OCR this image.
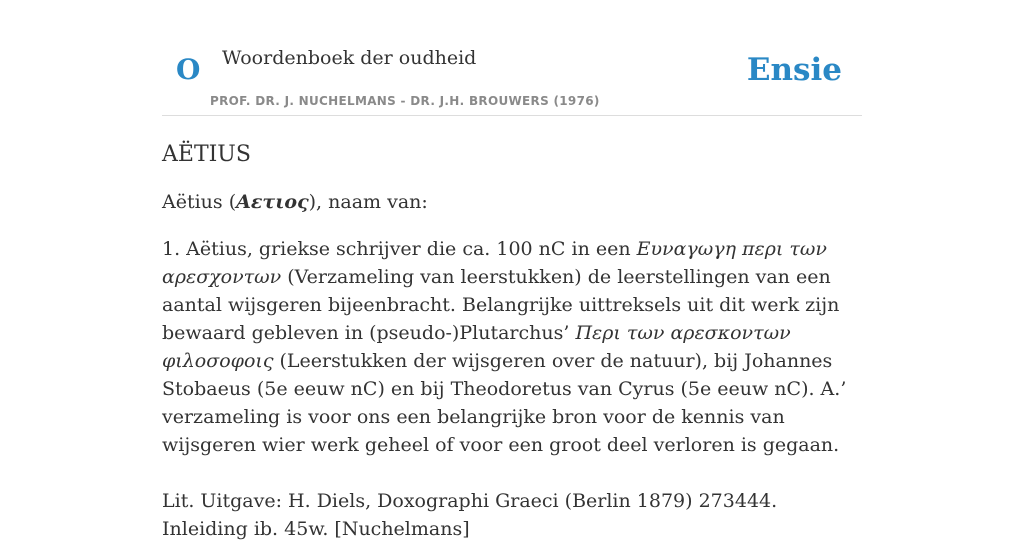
O Woordenboek der oudheid
PROF. DR. J. NUCHELMANS - DR. J.H. BROUWERS (1976)
Ensie
AËTIUS

Aëtius (Αετιος), naam van:

1. Aëtius, griekse schrijver die ca. 100 nC in een Ευναγωγη περι των αρεσχοντων (Verzameling van leerstukken) de leerstellingen van een aantal wijsgeren bijeenbracht. Belangrijke uittreksels uit dit werk zijn bewaard gebleven in (pseudo-)Plutarchus’ Περι των αρεσκοντων φιλοσοφοις (Leerstukken der wijsgeren over de natuur), bij Johannes Stobaeus (5e eeuw nC) en bij Theodoretus van Cyrus (5e eeuw nC). A.’ verzameling is voor ons een belangrijke bron voor de kennis van wijsgeren wier werk geheel of voor een groot deel verloren is gegaan.

Lit. Uitgave: H. Diels, Doxographi Graeci (Berlin 1879) 273444. Inleiding ib. 45w. [Nuchelmans]
